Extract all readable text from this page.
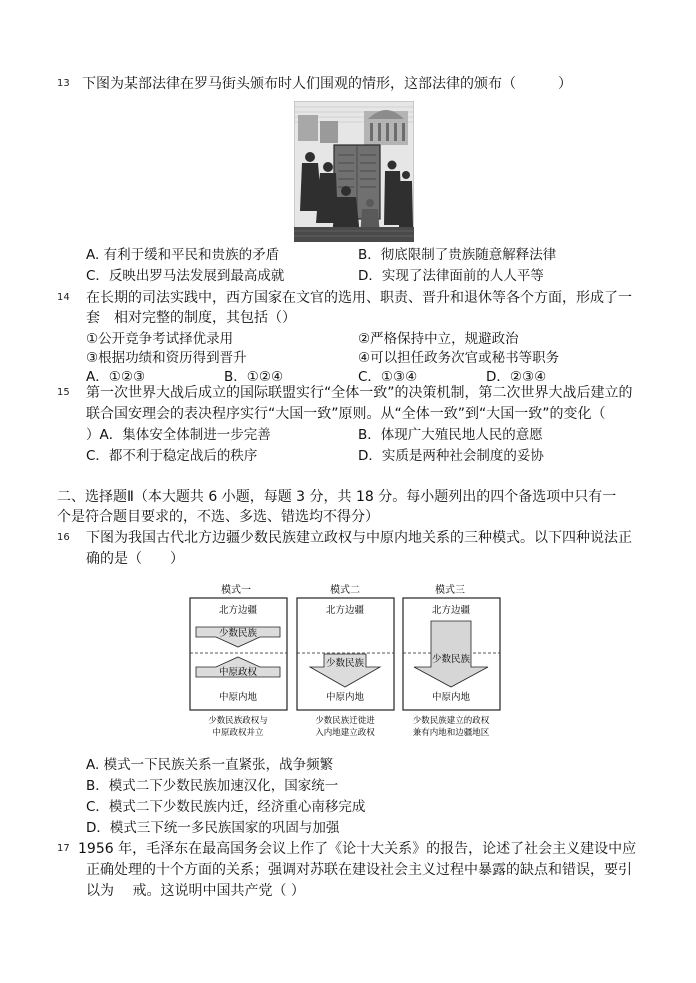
13 下图为某部法律在罗马街头颁布时人们围观的情形，这部法律的颁布（　　　）
A. 有利于缓和平民和贵族的矛盾	B．彻底限制了贵族随意解释法律
C．反映出罗马法发展到最高成就	D．实现了法律面前的人人平等
14 在长期的司法实践中，西方国家在文官的选用、职责、晋升和退休等各个方面，形成了一
套　相对完整的制度，其包括（）
①公开竞争考试择优录用	②严格保持中立，规避政治
③根据功绩和资历得到晋升	④可以担任政务次官或秘书等职务
A．①②③	B．①②④	C．①③④	D．②③④
15 第一次世界大战后成立的国际联盟实行“全体一致”的决策机制，第二次世界大战后建立的
联合国安理会的表决程序实行“大国一致”原则。从“全体一致”到“大国一致”的变化（
）A．集体安全体制进一步完善	B．体现广大殖民地人民的意愿
C．都不利于稳定战后的秩序	D．实质是两种社会制度的妥协
二、选择题Ⅱ（本大题共 6 小题，每题 3 分，共 18 分。每小题列出的四个备选项中只有一
个是符合题目要求的，不选、多选、错选均不得分）
16 下图为我国古代北方边疆少数民族建立政权与中原内地关系的三种模式。以下四种说法正
确的是（　　）
模式一
北方边疆
少数民族
中原政权
中原内地
少数民族政权与
中原政权并立
模式二
北方边疆
少数民族
中原内地
少数民族迁徙进
入内地建立政权
模式三
北方边疆
少数民族
中原内地
少数民族建立的政权
兼有内地和边疆地区
A. 模式一下民族关系一直紧张，战争频繁
B．模式二下少数民族加速汉化，国家统一
C．模式二下少数民族内迁，经济重心南移完成
D．模式三下统一多民族国家的巩固与加强
17 1956 年，毛泽东在最高国务会议上作了《论十大关系》的报告，论述了社会主义建设中应
正确处理的十个方面的关系；强调对苏联在建设社会主义过程中暴露的缺点和错误，要引
以为　 戒。这说明中国共产党（ ）
